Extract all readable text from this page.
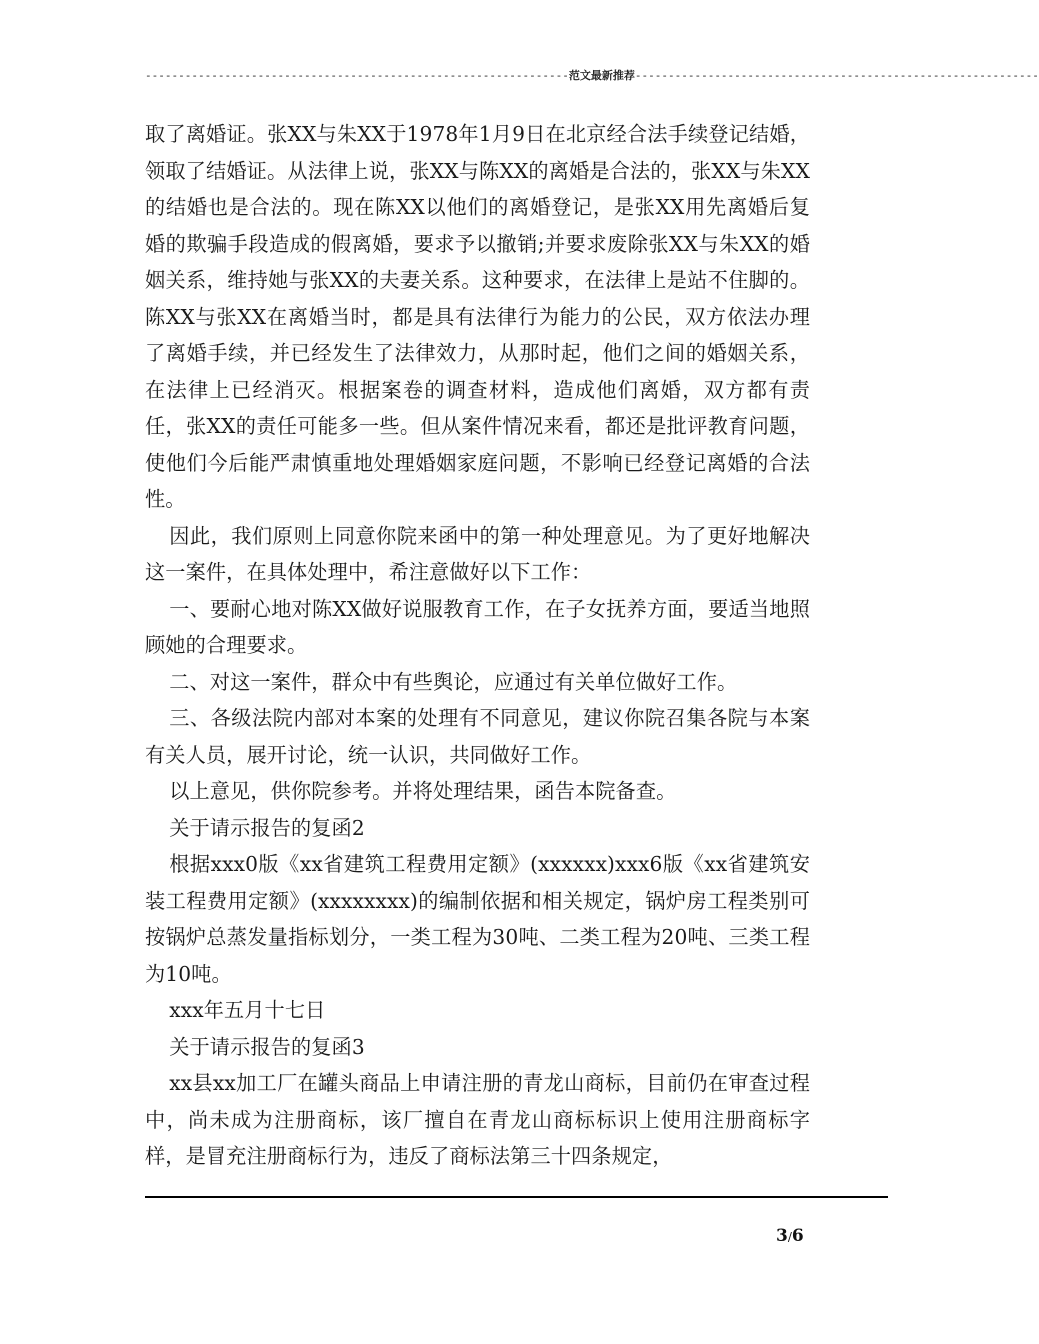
----------------------------------------------------------------范文最新推荐-------------------------------------------------------------

取了离婚证。张XX与朱XX于1978年1月9日在北京经合法手续登记结婚，领取了结婚证。从法律上说，张XX与陈XX的离婚是合法的，张XX与朱XX的结婚也是合法的。现在陈XX以他们的离婚登记，是张XX用先离婚后复婚的欺骗手段造成的假离婚，要求予以撤销;并要求废除张XX与朱XX的婚姻关系，维持她与张XX的夫妻关系。这种要求，在法律上是站不住脚的。陈XX与张XX在离婚当时，都是具有法律行为能力的公民，双方依法办理了离婚手续，并已经发生了法律效力，从那时起，他们之间的婚姻关系，在法律上已经消灭。根据案卷的调查材料，造成他们离婚，双方都有责任，张XX的责任可能多一些。但从案件情况来看，都还是批评教育问题，使他们今后能严肃慎重地处理婚姻家庭问题，不影响已经登记离婚的合法性。

因此，我们原则上同意你院来函中的第一种处理意见。为了更好地解决这一案件，在具体处理中，希注意做好以下工作：

一、要耐心地对陈XX做好说服教育工作，在子女抚养方面，要适当地照顾她的合理要求。

二、对这一案件，群众中有些舆论，应通过有关单位做好工作。

三、各级法院内部对本案的处理有不同意见，建议你院召集各院与本案有关人员，展开讨论，统一认识，共同做好工作。

以上意见，供你院参考。并将处理结果，函告本院备查。

关于请示报告的复函2

根据xxx0版《xx省建筑工程费用定额》(xxxxxx)xxx6版《xx省建筑安装工程费用定额》(xxxxxxxx)的编制依据和相关规定，锅炉房工程类别可按锅炉总蒸发量指标划分，一类工程为30吨、二类工程为20吨、三类工程为10吨。

xxx年五月十七日

关于请示报告的复函3

xx县xx加工厂在罐头商品上申请注册的青龙山商标，目前仍在审查过程中，尚未成为注册商标，该厂擅自在青龙山商标标识上使用注册商标字样，是冒充注册商标行为，违反了商标法第三十四条规定，

3/6
